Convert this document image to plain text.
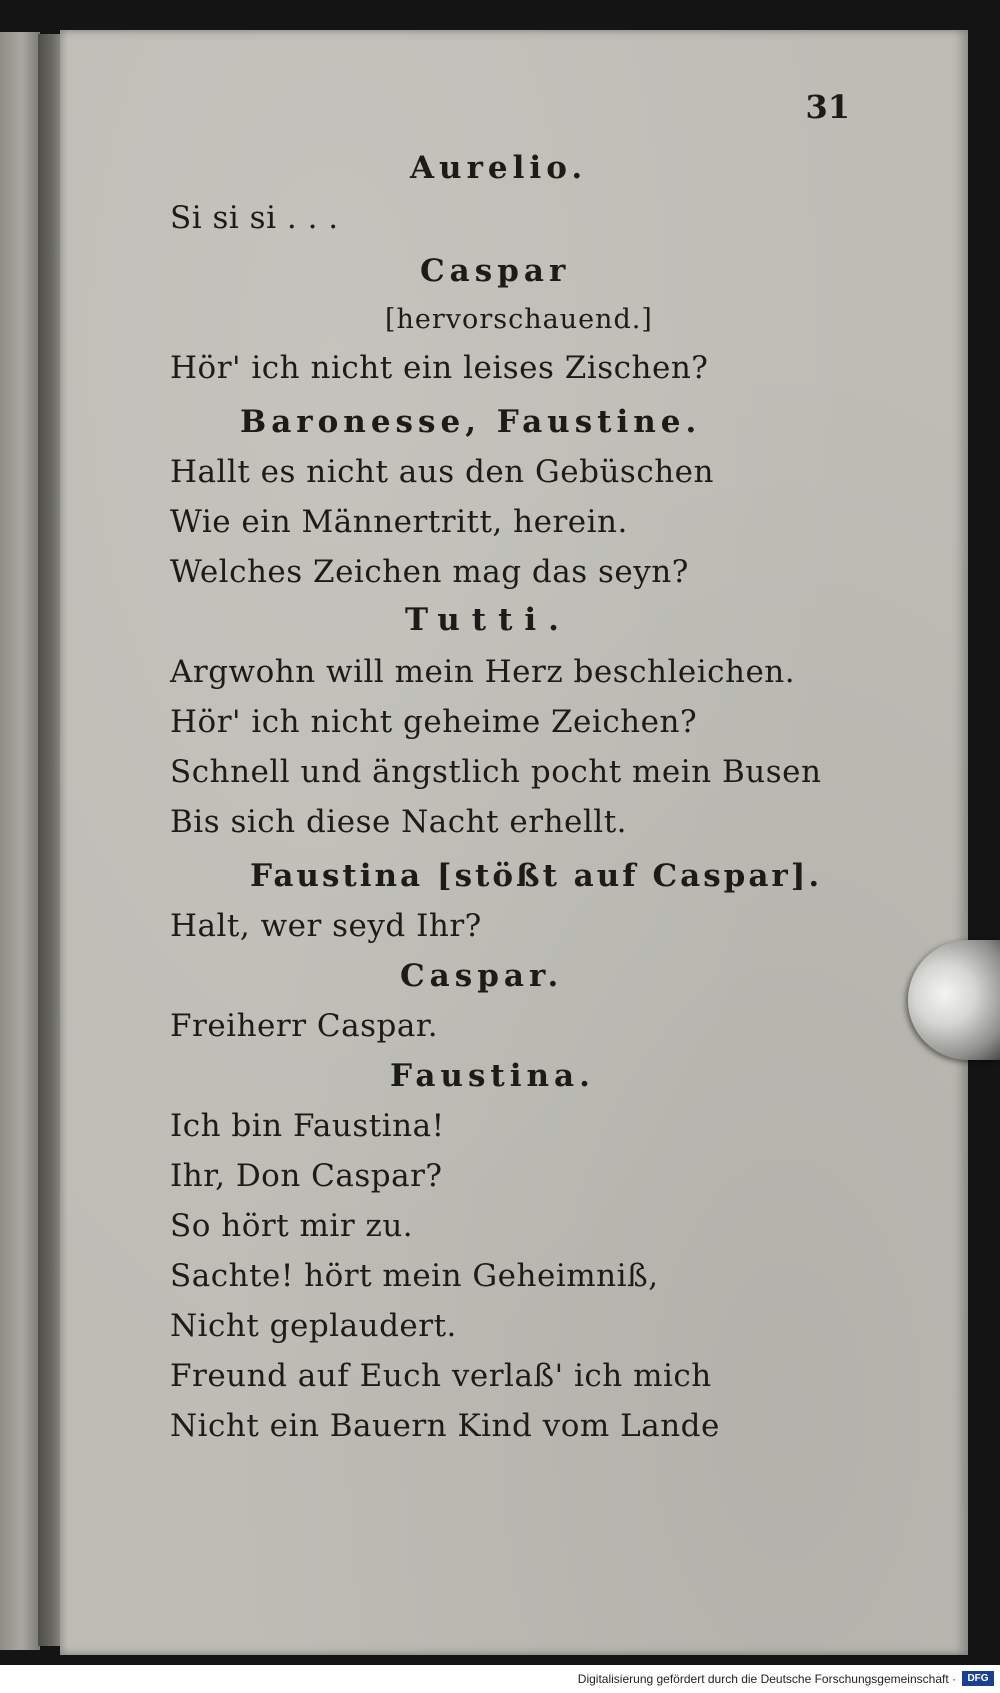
31
Aurelio.
Si si si . . .
Caspar
[hervorschauend.]
Hör' ich nicht ein leises Zischen?
Baronesse, Faustine.
Hallt es nicht aus den Gebüschen
Wie ein Männertritt, herein.
Welches Zeichen mag das seyn?
Tutti.
Argwohn will mein Herz beschleichen.
Hör' ich nicht geheime Zeichen?
Schnell und ängstlich pocht mein Busen
Bis sich diese Nacht erhellt.
Faustina [stößt auf Caspar].
Halt, wer seyd Ihr?
Caspar.
Freiherr Caspar.
Faustina.
Ich bin Faustina!
Ihr, Don Caspar?
So hört mir zu.
Sachte! hört mein Geheimniß,
Nicht geplaudert.
Freund auf Euch verlaß' ich mich
Nicht ein Bauern Kind vom Lande
Digitalisierung gefördert durch die Deutsche Forschungsgemeinschaft ·	DFG
